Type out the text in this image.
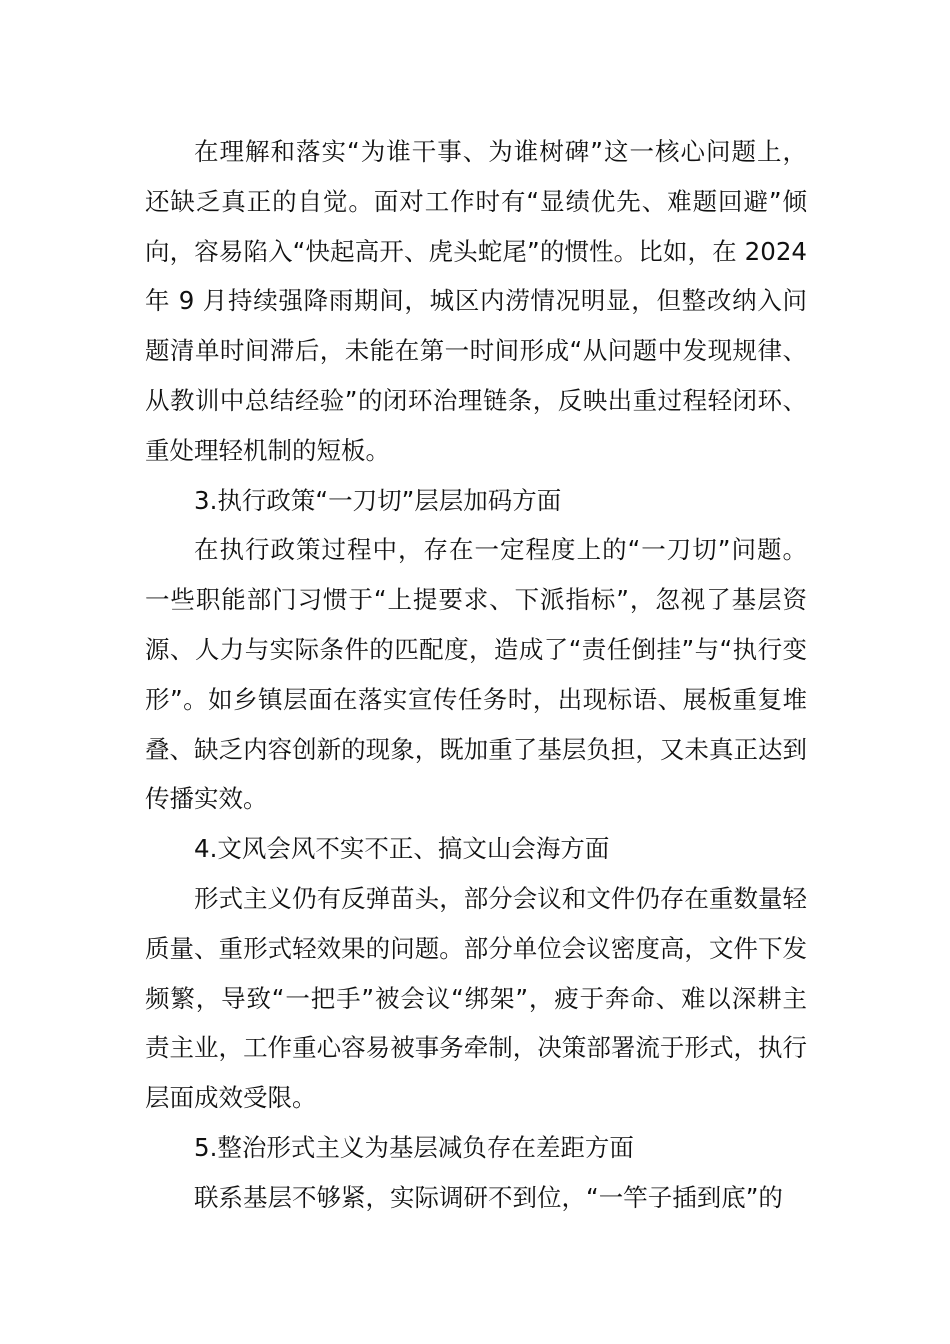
在理解和落实“为谁干事、为谁树碑”这一核心问题上，还缺乏真正的自觉。面对工作时有“显绩优先、难题回避”倾向，容易陷入“快起高开、虎头蛇尾”的惯性。比如，在 2024 年 9 月持续强降雨期间，城区内涝情况明显，但整改纳入问题清单时间滞后，未能在第一时间形成“从问题中发现规律、从教训中总结经验”的闭环治理链条，反映出重过程轻闭环、重处理轻机制的短板。

3.执行政策“一刀切”层层加码方面

在执行政策过程中，存在一定程度上的“一刀切”问题。一些职能部门习惯于“上提要求、下派指标”，忽视了基层资源、人力与实际条件的匹配度，造成了“责任倒挂”与“执行变形”。如乡镇层面在落实宣传任务时，出现标语、展板重复堆叠、缺乏内容创新的现象，既加重了基层负担，又未真正达到传播实效。

4.文风会风不实不正、搞文山会海方面

形式主义仍有反弹苗头，部分会议和文件仍存在重数量轻质量、重形式轻效果的问题。部分单位会议密度高，文件下发频繁，导致“一把手”被会议“绑架”，疲于奔命、难以深耕主责主业，工作重心容易被事务牵制，决策部署流于形式，执行层面成效受限。

5.整治形式主义为基层减负存在差距方面

联系基层不够紧，实际调研不到位，“一竿子插到底”的
